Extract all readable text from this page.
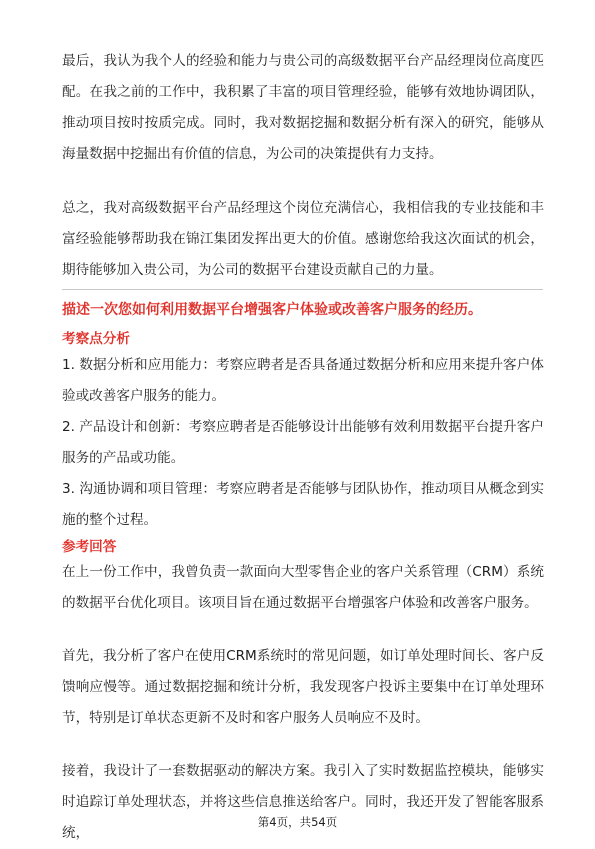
最后，我认为我个人的经验和能力与贵公司的高级数据平台产品经理岗位高度匹配。在我之前的工作中，我积累了丰富的项目管理经验，能够有效地协调团队，推动项目按时按质完成。同时，我对数据挖掘和数据分析有深入的研究，能够从海量数据中挖掘出有价值的信息，为公司的决策提供有力支持。

总之，我对高级数据平台产品经理这个岗位充满信心，我相信我的专业技能和丰富经验能够帮助我在锦江集团发挥出更大的价值。感谢您给我这次面试的机会，期待能够加入贵公司，为公司的数据平台建设贡献自己的力量。

描述一次您如何利用数据平台增强客户体验或改善客户服务的经历。

考察点分析

1. 数据分析和应用能力：考察应聘者是否具备通过数据分析和应用来提升客户体验或改善客户服务的能力。

2. 产品设计和创新：考察应聘者是否能够设计出能够有效利用数据平台提升客户服务的产品或功能。

3. 沟通协调和项目管理：考察应聘者是否能够与团队协作，推动项目从概念到实施的整个过程。

参考回答

在上一份工作中，我曾负责一款面向大型零售企业的客户关系管理（CRM）系统的数据平台优化项目。该项目旨在通过数据平台增强客户体验和改善客户服务。

首先，我分析了客户在使用CRM系统时的常见问题，如订单处理时间长、客户反馈响应慢等。通过数据挖掘和统计分析，我发现客户投诉主要集中在订单处理环节，特别是订单状态更新不及时和客户服务人员响应不及时。

接着，我设计了一套数据驱动的解决方案。我引入了实时数据监控模块，能够实时追踪订单处理状态，并将这些信息推送给客户。同时，我还开发了智能客服系统，

第4页，共54页
